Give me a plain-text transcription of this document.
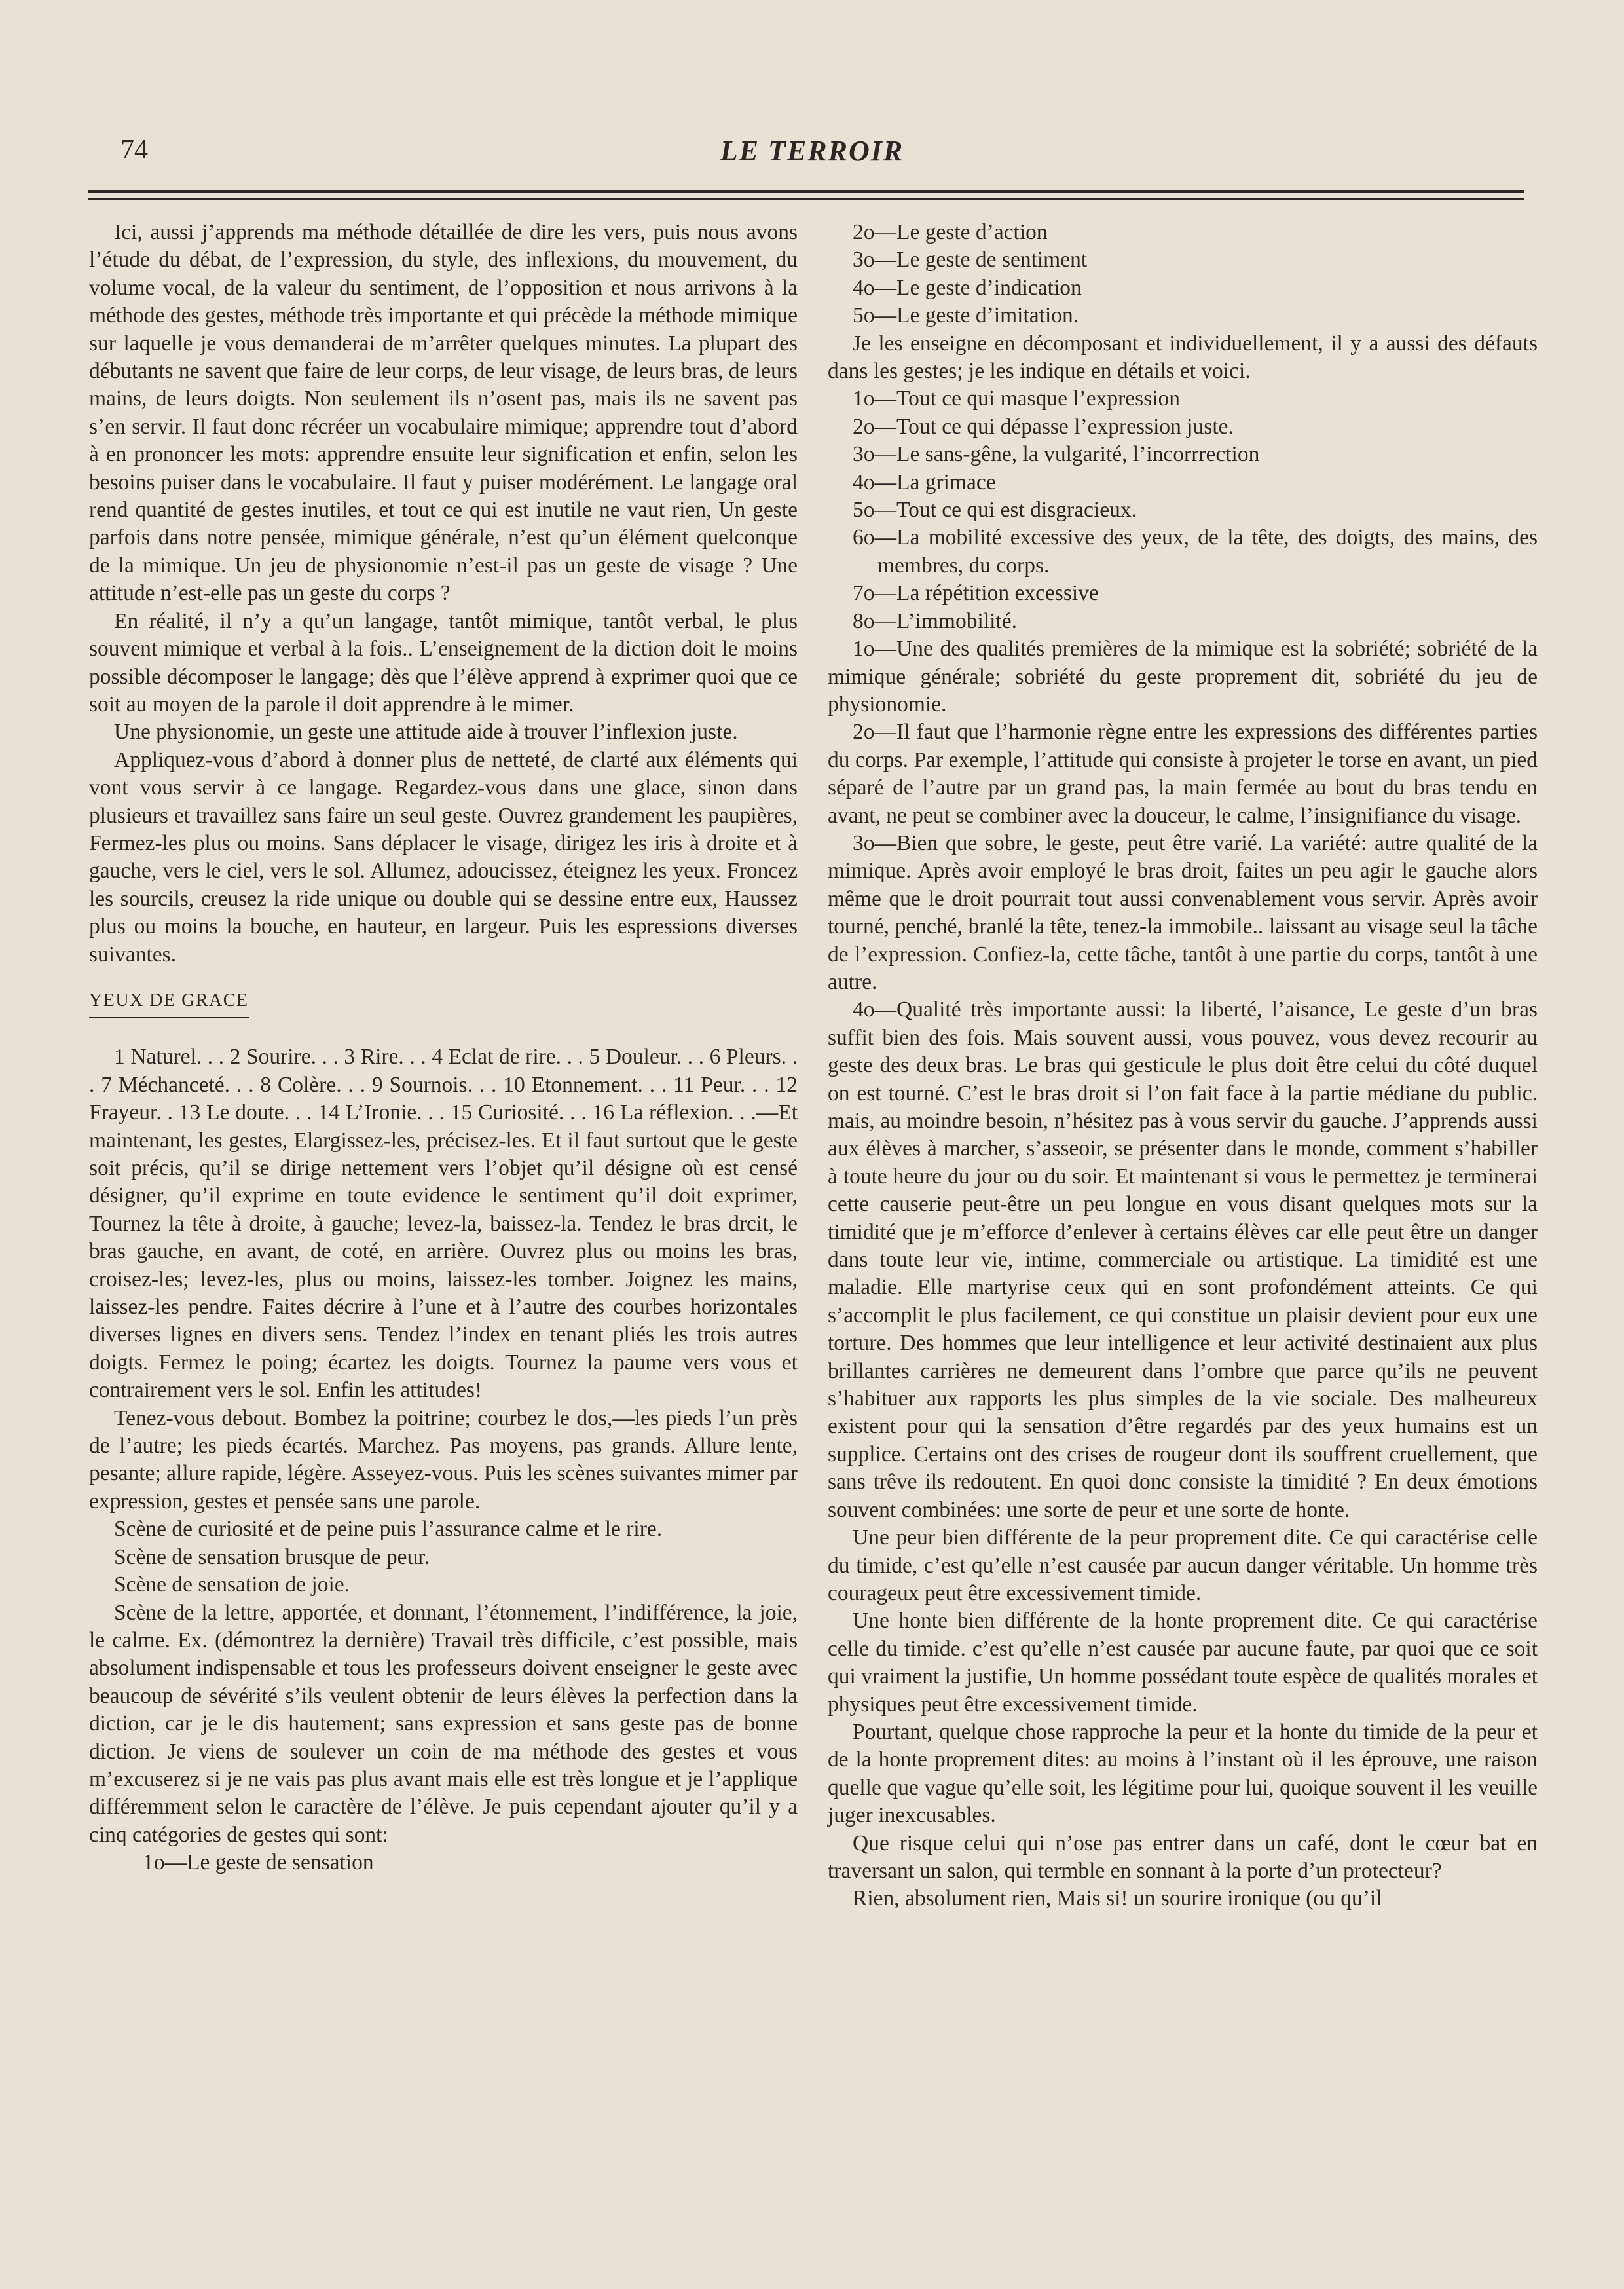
74	LE TERROIR

Ici, aussi j’apprends ma méthode détaillée de dire les vers, puis nous avons l’étude du débat, de l’expression, du style, des inflexions, du mouvement, du volume vocal, de la valeur du sentiment, de l’opposition et nous arrivons à la méthode des gestes, méthode très importante et qui précède la méthode mimique sur laquelle je vous demanderai de m’arrêter quelques minutes. La plupart des débutants ne savent que faire de leur corps, de leur visage, de leurs bras, de leurs mains, de leurs doigts. Non seulement ils n’osent pas, mais ils ne savent pas s’en servir. Il faut donc récréer un vocabulaire mimique; apprendre tout d’abord à en prononcer les mots: apprendre ensuite leur signification et enfin, selon les besoins puiser dans le vocabulaire. Il faut y puiser modérément. Le langage oral rend quantité de gestes inutiles, et tout ce qui est inutile ne vaut rien, Un geste parfois dans notre pensée, mimique générale, n’est qu’un élément quelconque de la mimique. Un jeu de physionomie n’est-il pas un geste de visage ? Une attitude n’est-elle pas un geste du corps ?

En réalité, il n’y a qu’un langage, tantôt mimique, tantôt verbal, le plus souvent mimique et verbal à la fois.. L’enseignement de la diction doit le moins possible décomposer le langage; dès que l’élève apprend à exprimer quoi que ce soit au moyen de la parole il doit apprendre à le mimer.

Une physionomie, un geste une attitude aide à trouver l’inflexion juste.

Appliquez-vous d’abord à donner plus de netteté, de clarté aux éléments qui vont vous servir à ce langage. Regardez-vous dans une glace, sinon dans plusieurs et travaillez sans faire un seul geste. Ouvrez grandement les paupières, Fermez-les plus ou moins. Sans déplacer le visage, dirigez les iris à droite et à gauche, vers le ciel, vers le sol. Allumez, adoucissez, éteignez les yeux. Froncez les sourcils, creusez la ride unique ou double qui se dessine entre eux, Haussez plus ou moins la bouche, en hauteur, en largeur. Puis les espressions diverses suivantes.

YEUX DE GRACE

1 Naturel. . . 2 Sourire. . . 3 Rire. . . 4 Eclat de rire. . . 5 Douleur. . . 6 Pleurs. . . 7 Méchanceté. . . 8 Colère. . . 9 Sournois. . . 10 Etonnement. . . 11 Peur. . . 12 Frayeur. . 13 Le doute. . . 14 L’Ironie. . . 15 Curiosité. . . 16 La réflexion. . .—Et maintenant, les gestes, Elargissez-les, précisez-les. Et il faut surtout que le geste soit précis, qu’il se dirige nettement vers l’objet qu’il désigne où est censé désigner, qu’il exprime en toute evidence le sentiment qu’il doit exprimer, Tournez la tête à droite, à gauche; levez-la, baissez-la. Tendez le bras drcit, le bras gauche, en avant, de coté, en arrière. Ouvrez plus ou moins les bras, croisez-les; levez-les, plus ou moins, laissez-les tomber. Joignez les mains, laissez-les pendre. Faites décrire à l’une et à l’autre des courbes horizontales diverses lignes en divers sens. Tendez l’index en tenant pliés les trois autres doigts. Fermez le poing; écartez les doigts. Tournez la paume vers vous et contrairement vers le sol. Enfin les attitudes!

Tenez-vous debout. Bombez la poitrine; courbez le dos,—les pieds l’un près de l’autre; les pieds écartés. Marchez. Pas moyens, pas grands. Allure lente, pesante; allure rapide, légère. Asseyez-vous. Puis les scènes suivantes mimer par expression, gestes et pensée sans une parole.

Scène de curiosité et de peine puis l’assurance calme et le rire.

Scène de sensation brusque de peur.

Scène de sensation de joie.

Scène de la lettre, apportée, et donnant, l’étonnement, l’indifférence, la joie, le calme. Ex. (démontrez la dernière) Travail très difficile, c’est possible, mais absolument indispensable et tous les professeurs doivent enseigner le geste avec beaucoup de sévérité s’ils veulent obtenir de leurs élèves la perfection dans la diction, car je le dis hautement; sans expression et sans geste pas de bonne diction. Je viens de soulever un coin de ma méthode des gestes et vous m’excuserez si je ne vais pas plus avant mais elle est très longue et je l’applique différemment selon le caractère de l’élève. Je puis cependant ajouter qu’il y a cinq catégories de gestes qui sont:

1o—Le geste de sensation

2o—Le geste d’action

3o—Le geste de sentiment

4o—Le geste d’indication

5o—Le geste d’imitation.

Je les enseigne en décomposant et individuellement, il y a aussi des défauts dans les gestes; je les indique en détails et voici.

1o—Tout ce qui masque l’expression

2o—Tout ce qui dépasse l’expression juste.

3o—Le sans-gêne, la vulgarité, l’incorrrection

4o—La grimace

5o—Tout ce qui est disgracieux.

6o—La mobilité excessive des yeux, de la tête, des doigts, des mains, des membres, du corps.

7o—La répétition excessive

8o—L’immobilité.

1o—Une des qualités premières de la mimique est la sobriété; sobriété de la mimique générale; sobriété du geste proprement dit, sobriété du jeu de physionomie.

2o—Il faut que l’harmonie règne entre les expressions des différentes parties du corps. Par exemple, l’attitude qui consiste à projeter le torse en avant, un pied séparé de l’autre par un grand pas, la main fermée au bout du bras tendu en avant, ne peut se combiner avec la douceur, le calme, l’insignifiance du visage.

3o—Bien que sobre, le geste, peut être varié. La variété: autre qualité de la mimique. Après avoir employé le bras droit, faites un peu agir le gauche alors même que le droit pourrait tout aussi convenablement vous servir. Après avoir tourné, penché, branlé la tête, tenez-la immobile.. laissant au visage seul la tâche de l’expression. Confiez-la, cette tâche, tantôt à une partie du corps, tantôt à une autre.

4o—Qualité très importante aussi: la liberté, l’aisance, Le geste d’un bras suffit bien des fois. Mais souvent aussi, vous pouvez, vous devez recourir au geste des deux bras. Le bras qui gesticule le plus doit être celui du côté duquel on est tourné. C’est le bras droit si l’on fait face à la partie médiane du public. mais, au moindre besoin, n’hésitez pas à vous servir du gauche. J’apprends aussi aux élèves à marcher, s’asseoir, se présenter dans le monde, comment s’habiller à toute heure du jour ou du soir. Et maintenant si vous le permettez je terminerai cette causerie peut-être un peu longue en vous disant quelques mots sur la timidité que je m’efforce d’enlever à certains élèves car elle peut être un danger dans toute leur vie, intime, commerciale ou artistique. La timidité est une maladie. Elle martyrise ceux qui en sont profondément atteints. Ce qui s’accomplit le plus facilement, ce qui constitue un plaisir devient pour eux une torture. Des hommes que leur intelligence et leur activité destinaient aux plus brillantes carrières ne demeurent dans l’ombre que parce qu’ils ne peuvent s’habituer aux rapports les plus simples de la vie sociale. Des malheureux existent pour qui la sensation d’être regardés par des yeux humains est un supplice. Certains ont des crises de rougeur dont ils souffrent cruellement, que sans trêve ils redoutent. En quoi donc consiste la timidité ? En deux émotions souvent combinées: une sorte de peur et une sorte de honte.

Une peur bien différente de la peur proprement dite. Ce qui caractérise celle du timide, c’est qu’elle n’est causée par aucun danger véritable. Un homme très courageux peut être excessivement timide.

Une honte bien différente de la honte proprement dite. Ce qui caractérise celle du timide. c’est qu’elle n’est causée par aucune faute, par quoi que ce soit qui vraiment la justifie, Un homme possédant toute espèce de qualités morales et physiques peut être excessivement timide.

Pourtant, quelque chose rapproche la peur et la honte du timide de la peur et de la honte proprement dites: au moins à l’instant où il les éprouve, une raison quelle que vague qu’elle soit, les légitime pour lui, quoique souvent il les veuille juger inexcusables.

Que risque celui qui n’ose pas entrer dans un café, dont le cœur bat en traversant un salon, qui termble en sonnant à la porte d’un protecteur?

Rien, absolument rien, Mais si! un sourire ironique (ou qu’il
